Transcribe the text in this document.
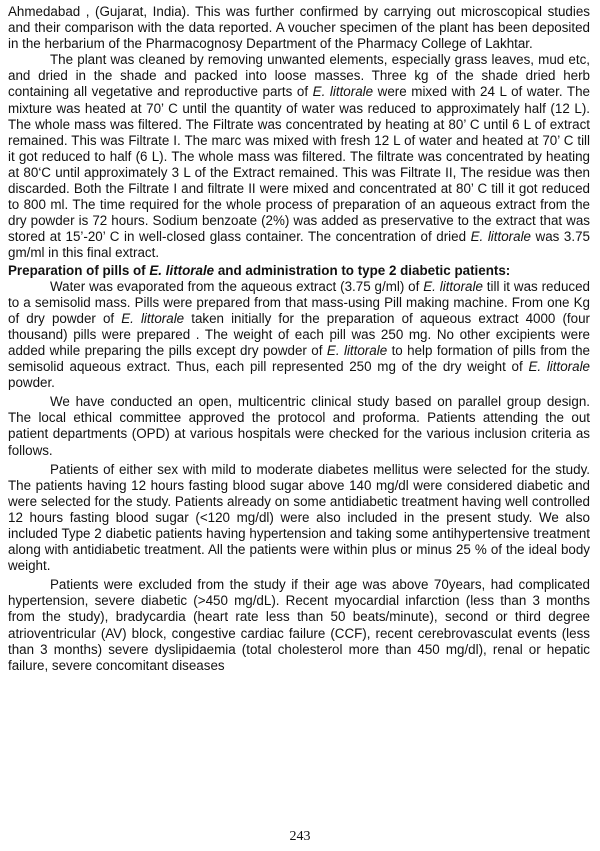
Ahmedabad , (Gujarat, India). This was further confirmed by carrying out microscopical studies and their comparison with the data reported. A voucher specimen of the plant has been deposited in the herbarium of the Pharmacognosy Department of the Pharmacy College of Lakhtar.

The plant was cleaned by removing unwanted elements, especially grass leaves, mud etc, and dried in the shade and packed into loose masses. Three kg of the shade dried herb containing all vegetative and reproductive parts of E. littorale were mixed with 24 L of water. The mixture was heated at 70’ C until the quantity of water was reduced to approximately half (12 L). The whole mass was filtered. The Filtrate was concentrated by heating at 80’ C until 6 L of extract remained. This was Filtrate I. The marc was mixed with fresh 12 L of water and heated at 70’ C till it got reduced to half (6 L). The whole mass was filtered. The filtrate was concentrated by heating at 80‘C until approximately 3 L of the Extract remained. This was Filtrate II, The residue was then discarded. Both the Filtrate I and filtrate II were mixed and concentrated at 80’ C till it got reduced to 800 ml. The time required for the whole process of preparation of an aqueous extract from the dry powder is 72 hours. Sodium benzoate (2%) was added as preservative to the extract that was stored at 15’-20’ C in well-closed glass container. The concentration of dried E. littorale was 3.75 gm/ml in this final extract.

Preparation of pills of E. littorale and administration to type 2 diabetic patients:

Water was evaporated from the aqueous extract (3.75 g/ml) of E. littorale till it was reduced to a semisolid mass. Pills were prepared from that mass-using Pill making machine. From one Kg of dry powder of E. littorale taken initially for the preparation of aqueous extract 4000 (four thousand) pills were prepared . The weight of each pill was 250 mg. No other excipients were added while preparing the pills except dry powder of E. littorale to help formation of pills from the semisolid aqueous extract. Thus, each pill represented 250 mg of the dry weight of E. littorale powder.

We have conducted an open, multicentric clinical study based on parallel group design. The local ethical committee approved the protocol and proforma. Patients attending the out patient departments (OPD) at various hospitals were checked for the various inclusion criteria as follows.

Patients of either sex with mild to moderate diabetes mellitus were selected for the study. The patients having 12 hours fasting blood sugar above 140 mg/dl were considered diabetic and were selected for the study. Patients already on some antidiabetic treatment having well controlled 12 hours fasting blood sugar (<120 mg/dl) were also included in the present study. We also included Type 2 diabetic patients having hypertension and taking some antihypertensive treatment along with antidiabetic treatment. All the patients were within plus or minus 25 % of the ideal body weight.

Patients were excluded from the study if their age was above 70years, had complicated hypertension, severe diabetic (>450 mg/dL). Recent myocardial infarction (less than 3 months from the study), bradycardia (heart rate less than 50 beats/minute), second or third degree atrioventricular (AV) block, congestive cardiac failure (CCF), recent cerebrovasculat events (less than 3 months) severe dyslipidaemia (total cholesterol more than 450 mg/dl), renal or hepatic failure, severe concomitant diseases

243
